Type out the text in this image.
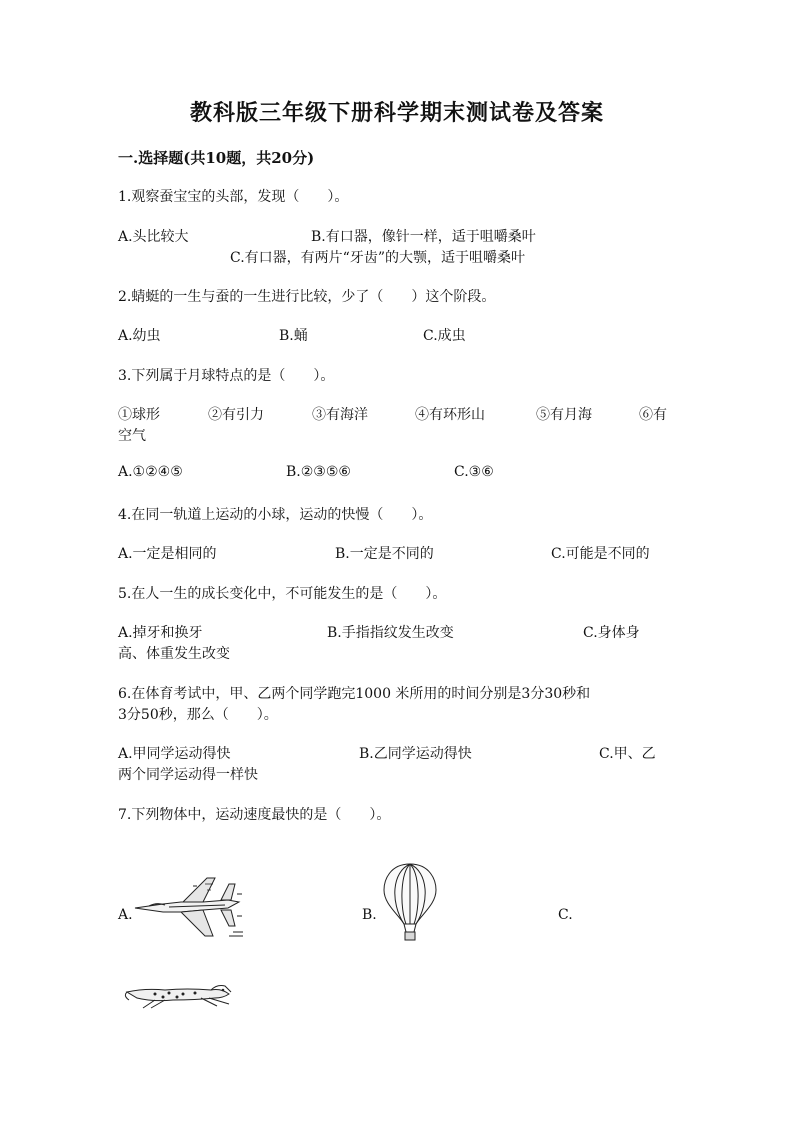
教科版三年级下册科学期末测试卷及答案
一.选择题(共10题，共20分)
1.观察蚕宝宝的头部，发现（　　）。
A.头比较大	B.有口器，像针一样，适于咀嚼桑叶
C.有口器，有两片“牙齿”的大颚，适于咀嚼桑叶
2.蜻蜓的一生与蚕的一生进行比较，少了（　　）这个阶段。
A.幼虫	B.蛹	C.成虫
3.下列属于月球特点的是（　　）。
①球形	②有引力	③有海洋	④有环形山	⑤有月海	⑥有
空气
A.①②④⑤	B.②③⑤⑥	C.③⑥
4.在同一轨道上运动的小球，运动的快慢（　　）。
A.一定是相同的	B.一定是不同的	C.可能是不同的
5.在人一生的成长变化中，不可能发生的是（　　）。
A.掉牙和换牙	B.手指指纹发生改变	C.身体身
高、体重发生改变
6.在体育考试中，甲、乙两个同学跑完1000 米所用的时间分别是3分30秒和
3分50秒，那么（　　）。
A.甲同学运动得快	B.乙同学运动得快	C.甲、乙
两个同学运动得一样快
7.下列物体中，运动速度最快的是（　　）。
A.	B.	C.
